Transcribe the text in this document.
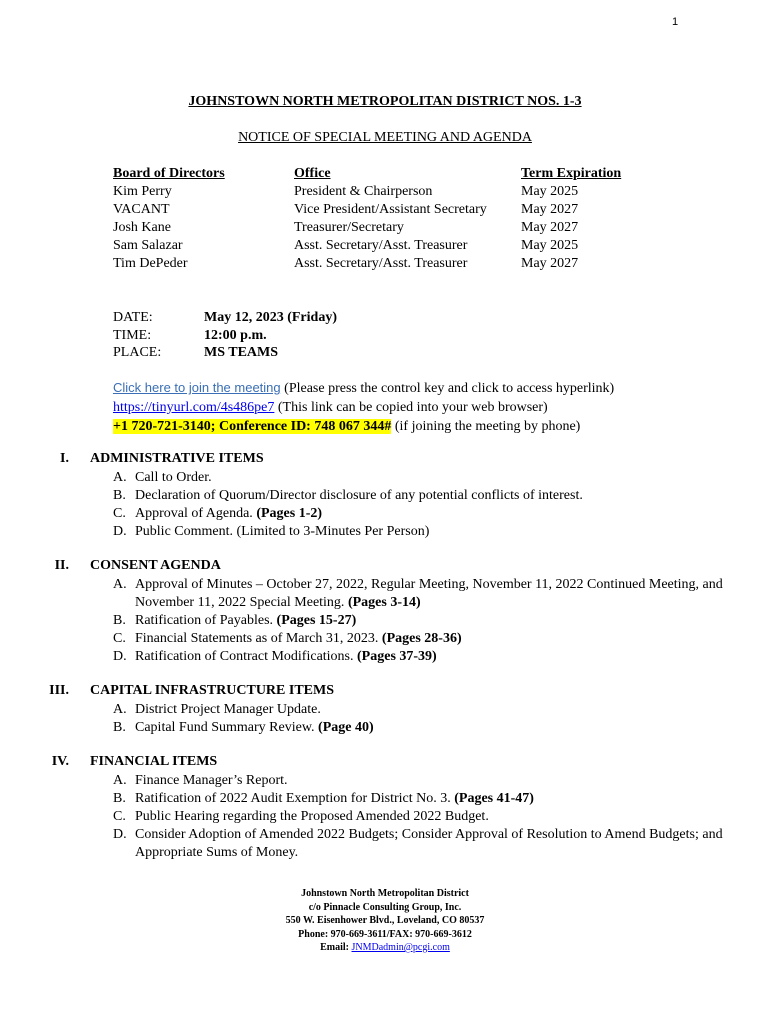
1
JOHNSTOWN NORTH METROPOLITAN DISTRICT NOS. 1-3
NOTICE OF SPECIAL MEETING AND AGENDA
Board of Directors
Kim Perry
VACANT
Josh Kane
Sam Salazar
Tim DePeder
Office
President & Chairperson
Vice President/Assistant Secretary
Treasurer/Secretary
Asst. Secretary/Asst. Treasurer
Asst. Secretary/Asst. Treasurer
Term Expiration
May 2025
May 2027
May 2027
May 2025
May 2027
DATE:
TIME:
PLACE:
May 12, 2023 (Friday)
12:00 p.m.
MS TEAMS
Click here to join the meeting (Please press the control key and click to access hyperlink)
https://tinyurl.com/4s486pe7 (This link can be copied into your web browser)
+1 720-721-3140; Conference ID: 748 067 344# (if joining the meeting by phone)
I. ADMINISTRATIVE ITEMS
A. Call to Order.
B. Declaration of Quorum/Director disclosure of any potential conflicts of interest.
C. Approval of Agenda. (Pages 1-2)
D. Public Comment. (Limited to 3-Minutes Per Person)
II. CONSENT AGENDA
A. Approval of Minutes – October 27, 2022, Regular Meeting, November 11, 2022 Continued Meeting, and November 11, 2022 Special Meeting. (Pages 3-14)
B. Ratification of Payables. (Pages 15-27)
C. Financial Statements as of March 31, 2023. (Pages 28-36)
D. Ratification of Contract Modifications. (Pages 37-39)
III. CAPITAL INFRASTRUCTURE ITEMS
A. District Project Manager Update.
B. Capital Fund Summary Review. (Page 40)
IV. FINANCIAL ITEMS
A. Finance Manager’s Report.
B. Ratification of 2022 Audit Exemption for District No. 3. (Pages 41-47)
C. Public Hearing regarding the Proposed Amended 2022 Budget.
D. Consider Adoption of Amended 2022 Budgets; Consider Approval of Resolution to Amend Budgets; and Appropriate Sums of Money.
Johnstown North Metropolitan District
c/o Pinnacle Consulting Group, Inc.
550 W. Eisenhower Blvd., Loveland, CO 80537
Phone: 970-669-3611/FAX: 970-669-3612
Email: JNMDadmin@pcgi.com
